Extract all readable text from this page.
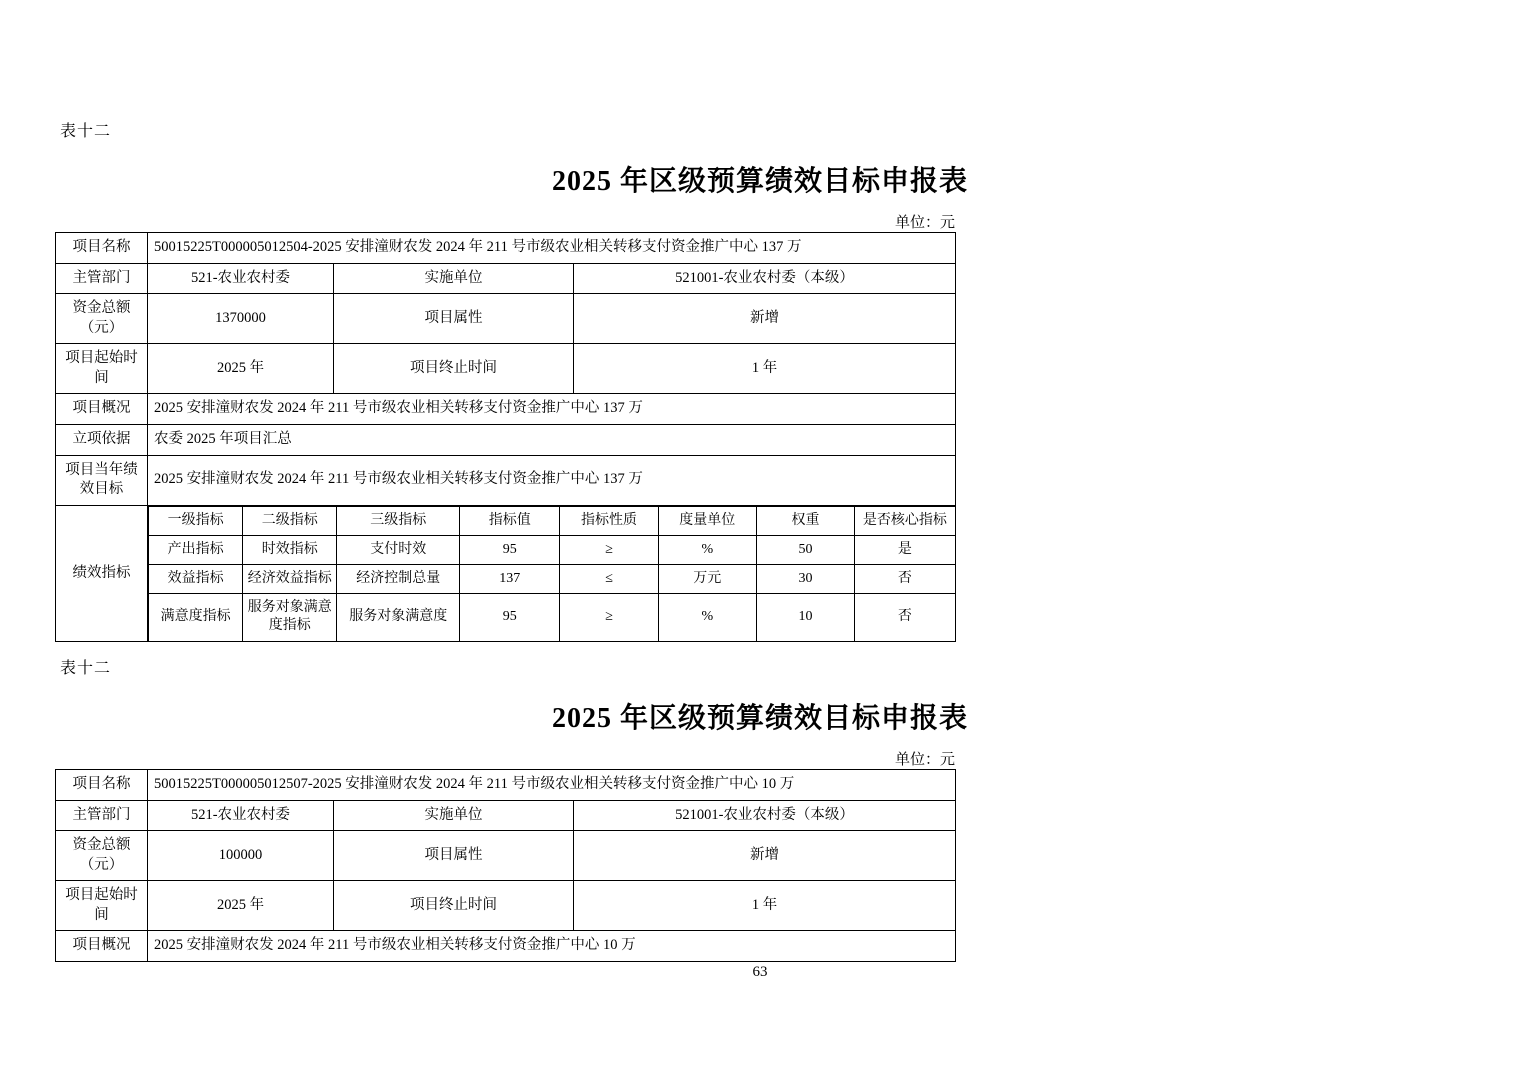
表十二
2025 年区级预算绩效目标申报表
单位：元
项目名称	50015225T000005012504-2025 安排潼财农发 2024 年 211 号市级农业相关转移支付资金推广中心 137 万
主管部门	521-农业农村委	实施单位	521001-农业农村委（本级）
资金总额（元）	1370000	项目属性	新增
项目起始时间	2025 年	项目终止时间	1 年
项目概况	2025 安排潼财农发 2024 年 211 号市级农业相关转移支付资金推广中心 137 万
立项依据	农委 2025 年项目汇总
项目当年绩效目标	2025 安排潼财农发 2024 年 211 号市级农业相关转移支付资金推广中心 137 万
绩效指标	
一级指标	二级指标	三级指标	指标值	指标性质	度量单位	权重	是否核心指标
产出指标	时效指标	支付时效	95	≥	%	50	是
效益指标	经济效益指标	经济控制总量	137	≤	万元	30	否
满意度指标	服务对象满意度指标	服务对象满意度	95	≥	%	10	否
表十二
2025 年区级预算绩效目标申报表
单位：元
项目名称	50015225T000005012507-2025 安排潼财农发 2024 年 211 号市级农业相关转移支付资金推广中心 10 万		
主管部门	521-农业农村委	实施单位	521001-农业农村委（本级）
资金总额（元）	100000	项目属性	新增
项目起始时间	2025 年	项目终止时间	1 年
项目概况	2025 安排潼财农发 2024 年 211 号市级农业相关转移支付资金推广中心 10 万		
63
